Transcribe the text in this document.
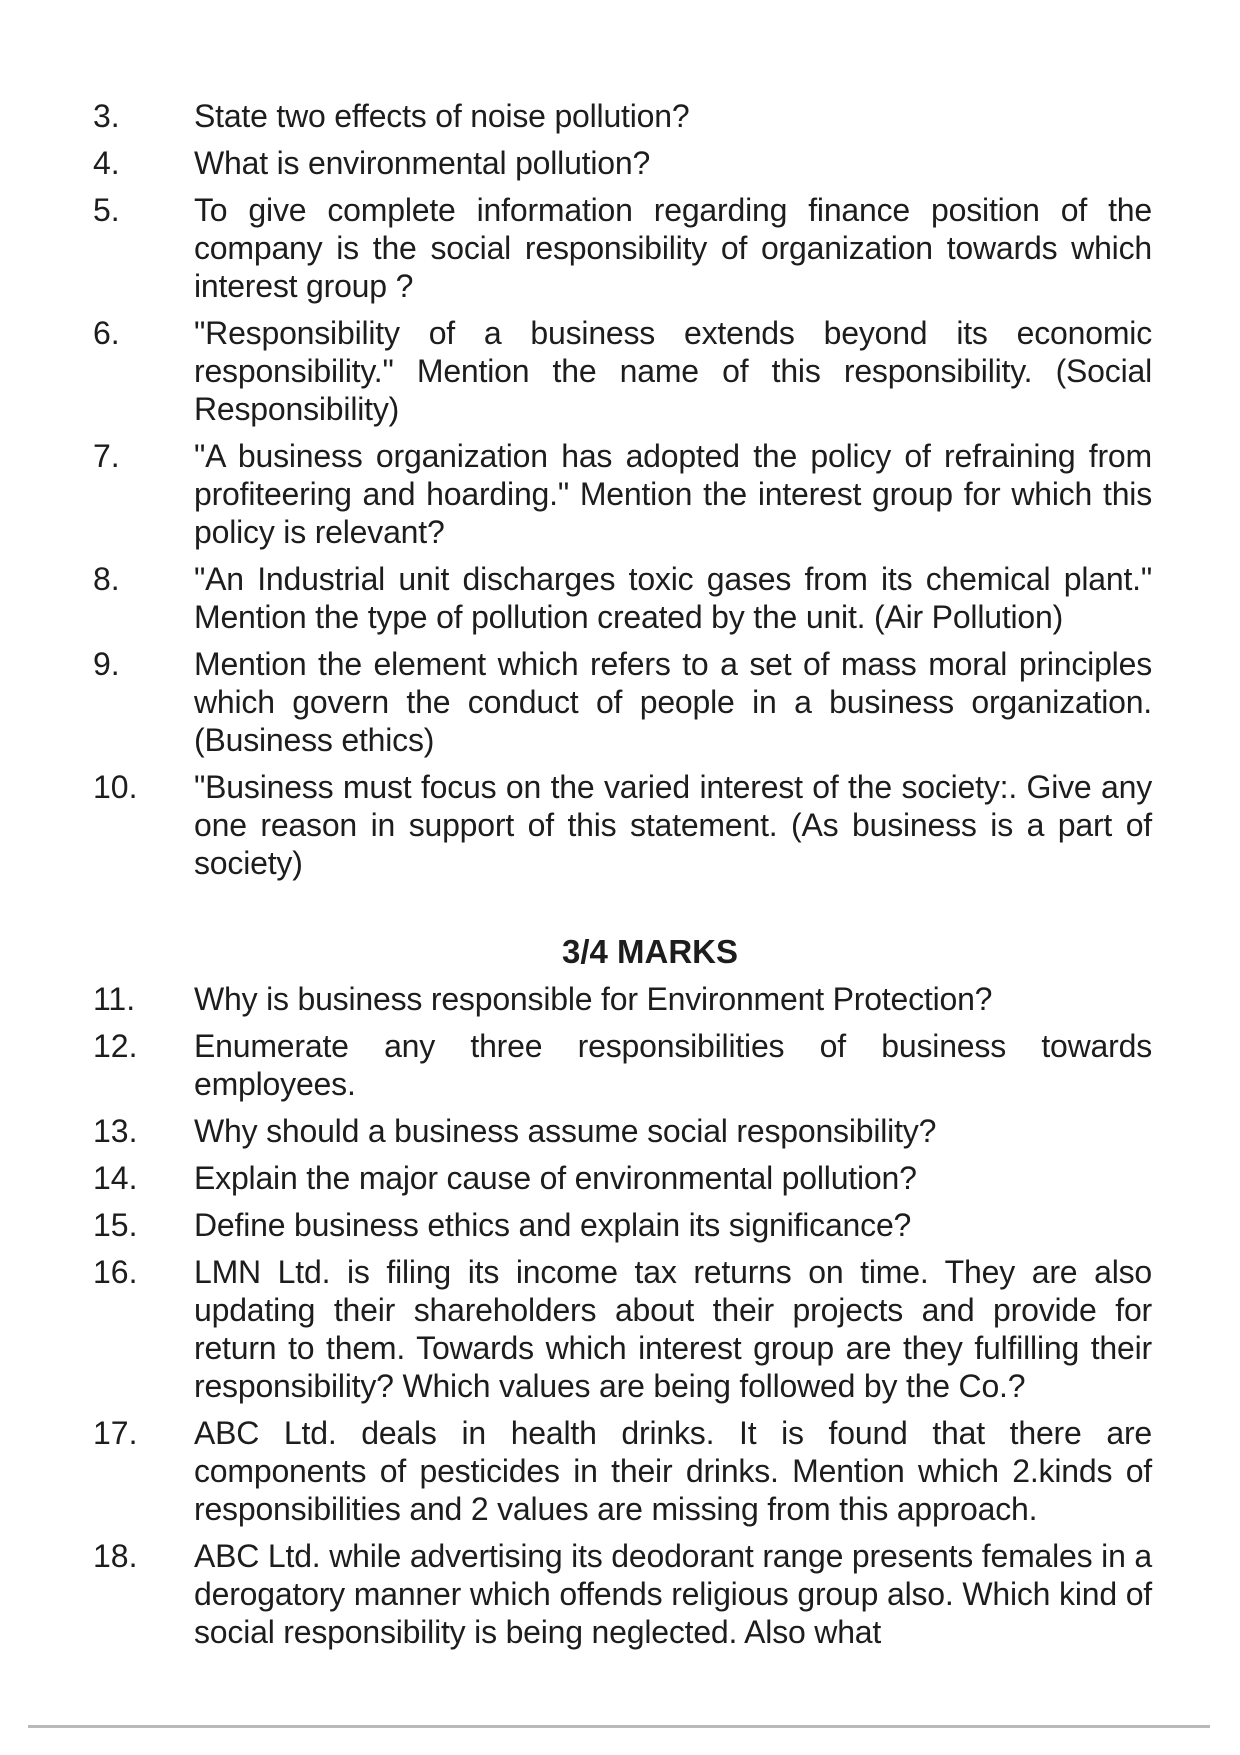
3. State two effects of noise pollution?
4. What is environmental pollution?
5. To give complete information regarding finance position of the company is the social responsibility of organization towards which interest group ?
6. "Responsibility of a business extends beyond its economic responsibility." Mention the name of this responsibility. (Social Responsibility)
7. "A business organization has adopted the policy of refraining from profiteering and hoarding." Mention the interest group for which this policy is relevant?
8. "An Industrial unit discharges toxic gases from its chemical plant." Mention the type of pollution created by the unit. (Air Pollution)
9. Mention the element which refers to a set of mass moral principles which govern the conduct of people in a business organization. (Business ethics)
10. "Business must focus on the varied interest of the society:. Give any one reason in support of this statement. (As business is a part of society)
3/4 MARKS
11. Why is business responsible for Environment Protection?
12. Enumerate any three responsibilities of business towards employees.
13. Why should a business assume social responsibility?
14. Explain the major cause of environmental pollution?
15. Define business ethics and explain its significance?
16. LMN Ltd. is filing its income tax returns on time. They are also updating their shareholders about their projects and provide for return to them. Towards which interest group are they fulfilling their responsibility? Which values are being followed by the Co.?
17. ABC Ltd. deals in health drinks. It is found that there are components of pesticides in their drinks. Mention which 2.kinds of responsibilities and 2 values are missing from this approach.
18. ABC Ltd. while advertising its deodorant range presents females in a derogatory manner which offends religious group also. Which kind of social responsibility is being neglected. Also what
